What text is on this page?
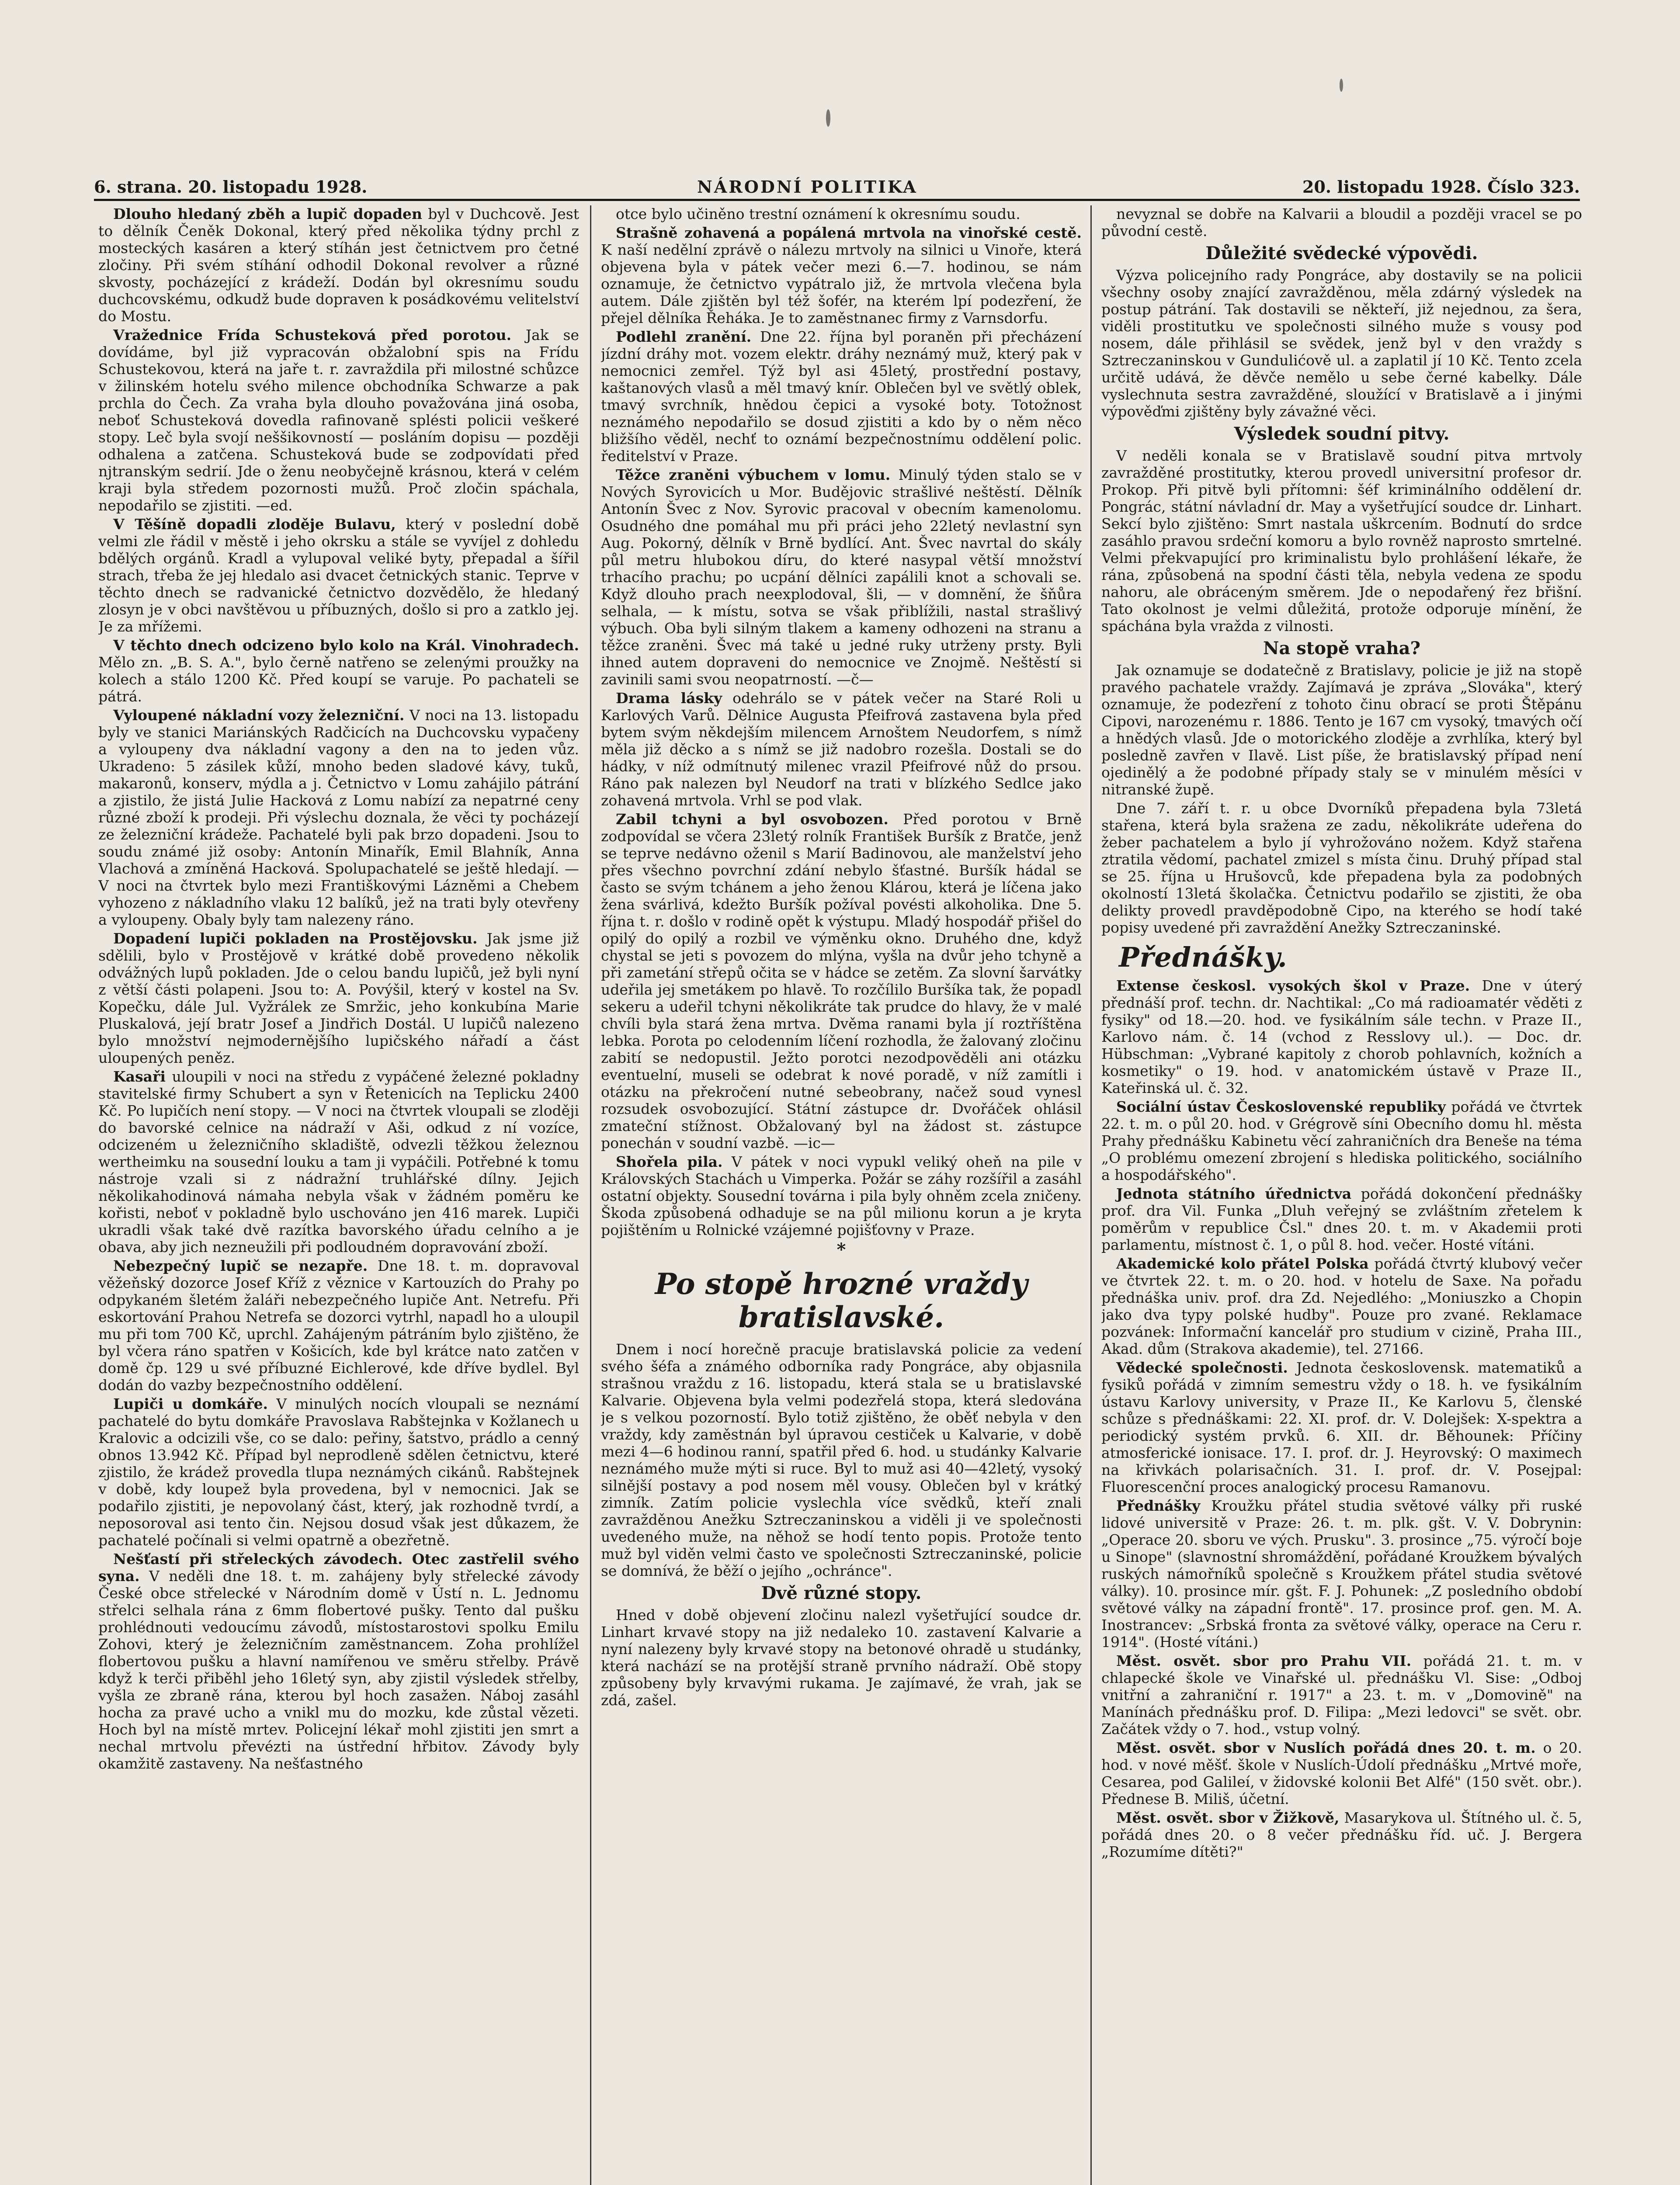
6. strana. 20. listopadu 1928.	NÁRODNÍ POLITIKA	20. listopadu 1928. Číslo 323.

Dlouho hledaný zběh a lupič dopaden byl v Duchcově. Jest to dělník Čeněk Dokonal, který před několika týdny prchl z mosteckých kasáren a který stíhán jest četnictvem pro četné zločiny. Při svém stíhání odhodil Dokonal revolver a různé skvosty, pocházející z krádeží. Dodán byl okresnímu soudu duchcovskému, odkudž bude dopraven k posádkovému velitelství do Mostu.

Vražednice Frída Schusteková před porotou. Jak se dovídáme, byl již vypracován obžalobní spis na Frídu Schustekovou, která na jaře t. r. zavraždila při milostné schůzce v žilinském hotelu svého milence obchodníka Schwarze a pak prchla do Čech. Za vraha byla dlouho považována jiná osoba, neboť Schusteková dovedla rafinovaně splésti policii veškeré stopy. Leč byla svojí neššikovností — posláním dopisu — později odhalena a zatčena. Schusteková bude se zodpovídati před njtranským sedrií. Jde o ženu neobyčejně krásnou, která v celém kraji byla středem pozornosti mužů. Proč zločin spáchala, nepodařilo se zjistiti. —ed.

V Těšíně dopadli zloděje Bulavu, který v poslední době velmi zle řádil v městě i jeho okrsku a stále se vyvíjel z dohledu bdělých orgánů. Kradl a vylupoval veliké byty, přepadal a šířil strach, třeba že jej hledalo asi dvacet četnických stanic. Teprve v těchto dnech se radvanické četnictvo dozvědělo, že hledaný zlosyn je v obci navštěvou u příbuzných, došlo si pro a zatklo jej. Je za mřížemi.

V těchto dnech odcizeno bylo kolo na Král. Vinohradech. Mělo zn. „B. S. A.", bylo černě natřeno se zelenými proužky na kolech a stálo 1200 Kč. Před koupí se varuje. Po pachateli se pátrá.

Vyloupené nákladní vozy železniční. V noci na 13. listopadu byly ve stanici Mariánských Radčicích na Duchcovsku vypačeny a vyloupeny dva nákladní vagony a den na to jeden vůz. Ukradeno: 5 zásilek kůží, mnoho beden sladové kávy, tuků, makaronů, konserv, mýdla a j. Četnictvo v Lomu zahájilo pátrání a zjistilo, že jistá Julie Hacková z Lomu nabízí za nepatrné ceny různé zboží k prodeji. Při výslechu doznala, že věci ty pocházejí ze železniční krádeže. Pachatelé byli pak brzo dopadeni. Jsou to soudu známé již osoby: Antonín Minařík, Emil Blahník, Anna Vlachová a zmíněná Hacková. Spolupachatelé se ještě hledají. — V noci na čtvrtek bylo mezi Františkovými Lázněmi a Chebem vyhozeno z nákladního vlaku 12 balíků, jež na trati byly otevřeny a vyloupeny. Obaly byly tam nalezeny ráno.

Dopadení lupiči pokladen na Prostějovsku. Jak jsme již sdělili, bylo v Prostějově v krátké době provedeno několik odvážných lupů pokladen. Jde o celou bandu lupičů, jež byli nyní z větší části polapeni. Jsou to: A. Povýšil, který v kostel na Sv. Kopečku, dále Jul. Vyžrálek ze Smržic, jeho konkubína Marie Pluskalová, její bratr Josef a Jindřich Dostál. U lupičů nalezeno bylo množství nejmodernějšího lupičského nářadí a část uloupených peněz.

Kasaři uloupili v noci na středu z vypáčené železné pokladny stavitelské firmy Schubert a syn v Řetenicích na Teplicku 2400 Kč. Po lupičích není stopy. — V noci na čtvrtek vloupali se zloději do bavorské celnice na nádraží v Aši, odkud z ní vozíce, odcizeném u železničního skladiště, odvezli těžkou železnou wertheimku na sousední louku a tam ji vypáčili. Potřebné k tomu nástroje vzali si z nádražní truhlářské dílny. Jejich několikahodinová námaha nebyla však v žádném poměru ke kořisti, neboť v pokladně bylo uschováno jen 416 marek. Lupiči ukradli však také dvě razítka bavorského úřadu celního a je obava, aby jich nezneužili při podloudném dopravování zboží.

Nebezpečný lupič se nezapře. Dne 18. t. m. dopravoval věžeňský dozorce Josef Kříž z věznice v Kartouzích do Prahy po odpykaném šletém žaláři nebezpečného lupiče Ant. Netrefu. Při eskortování Prahou Netrefa se dozorci vytrhl, napadl ho a uloupil mu při tom 700 Kč, uprchl. Zahájeným pátráním bylo zjištěno, že byl včera ráno spatřen v Košicích, kde byl krátce nato zatčen v domě čp. 129 u své příbuzné Eichlerové, kde dříve bydlel. Byl dodán do vazby bezpečnostního oddělení.

Lupiči u domkáře. V minulých nocích vloupali se neznámí pachatelé do bytu domkáře Pravoslava Rabštejnka v Kožlanech u Kralovic a odcizili vše, co se dalo: peřiny, šatstvo, prádlo a cenný obnos 13.942 Kč. Případ byl neprodleně sdělen četnictvu, které zjistilo, že krádež provedla tlupa neznámých cikánů. Rabštejnek v době, kdy loupež byla provedena, byl v nemocnici. Jak se podařilo zjistiti, je nepovolaný část, který, jak rozhodně tvrdí, a neposoroval asi tento čin. Nejsou dosud však jest důkazem, že pachatelé počínali si velmi opatrně a obezřetně.

Nešťastí při střeleckých závodech. Otec zastřelil svého syna. V neděli dne 18. t. m. zahájeny byly střelecké závody České obce střelecké v Národním domě v Ústí n. L. Jednomu střelci selhala rána z 6mm flobertové pušky. Tento dal pušku prohlédnouti vedoucímu závodů, místostarostovi spolku Emilu Zohovi, který je železničním zaměstnancem. Zoha prohlížel flobertovou pušku a hlavní namířenou ve směru střelby. Právě když k terči přiběhl jeho 16letý syn, aby zjistil výsledek střelby, vyšla ze zbraně rána, kterou byl hoch zasažen. Náboj zasáhl hocha za pravé ucho a vnikl mu do mozku, kde zůstal vězeti. Hoch byl na místě mrtev. Policejní lékař mohl zjistiti jen smrt a nechal mrtvolu převézti na ústřední hřbitov. Závody byly okamžitě zastaveny. Na nešťastného

otce bylo učiněno trestní oznámení k okresnímu soudu.

Strašně zohavená a popálená mrtvola na vinořské cestě. K naší nedělní zprávě o nálezu mrtvoly na silnici u Vinoře, která objevena byla v pátek večer mezi 6.—7. hodinou, se nám oznamuje, že četnictvo vypátralo již, že mrtvola vlečena byla autem. Dále zjištěn byl též šofér, na kterém lpí podezření, že přejel dělníka Řeháka. Je to zaměstnanec firmy z Varnsdorfu.

Podlehl zranění. Dne 22. října byl poraněn při přecházení jízdní dráhy mot. vozem elektr. dráhy neznámý muž, který pak v nemocnici zemřel. Týž byl asi 45letý, prostřední postavy, kaštanových vlasů a měl tmavý knír. Oblečen byl ve světlý oblek, tmavý svrchník, hnědou čepici a vysoké boty. Totožnost neznámého nepodařilo se dosud zjistiti a kdo by o něm něco bližšího věděl, nechť to oznámí bezpečnostnímu oddělení polic. ředitelství v Praze.

Těžce zraněni výbuchem v lomu. Minulý týden stalo se v Nových Syrovicích u Mor. Budějovic strašlivé neštěstí. Dělník Antonín Švec z Nov. Syrovic pracoval v obecním kamenolomu. Osudného dne pomáhal mu při práci jeho 22letý nevlastní syn Aug. Pokorný, dělník v Brně bydlící. Ant. Švec navrtal do skály půl metru hlubokou díru, do které nasypal větší množství trhacího prachu; po ucpání dělníci zapálili knot a schovali se. Když dlouho prach neexplodoval, šli, — v domnění, že šňůra selhala, — k místu, sotva se však přiblížili, nastal strašlivý výbuch. Oba byli silným tlakem a kameny odhozeni na stranu a těžce zraněni. Švec má také u jedné ruky utrženy prsty. Byli ihned autem dopraveni do nemocnice ve Znojmě. Neštěstí si zavinili sami svou neopatrností. —č—

Drama lásky odehrálo se v pátek večer na Staré Roli u Karlových Varů. Dělnice Augusta Pfeifrová zastavena byla před bytem svým někdejším milencem Arnoštem Neudorfem, s nímž měla již děcko a s nímž se již nadobro rozešla. Dostali se do hádky, v níž odmítnutý milenec vrazil Pfeifrové nůž do prsou. Ráno pak nalezen byl Neudorf na trati v blízkého Sedlce jako zohavená mrtvola. Vrhl se pod vlak.

Zabil tchyni a byl osvobozen. Před porotou v Brně zodpovídal se včera 23letý rolník František Buršík z Bratče, jenž se teprve nedávno oženil s Marií Badinovou, ale manželství jeho přes všechno povrchní zdání nebylo šťastné. Buršík hádal se často se svým tchánem a jeho ženou Klárou, která je líčena jako žena svárlivá, kdežto Buršík požíval povésti alkoholika. Dne 5. října t. r. došlo v rodině opět k výstupu. Mladý hospodář přišel do opilý do opilý a rozbil ve výměnku okno. Druhého dne, když chystal se jeti s povozem do mlýna, vyšla na dvůr jeho tchyně a při zametání střepů očita se v hádce se zetěm. Za slovní šarvátky udeřila jej smetákem po hlavě. To rozčílilo Buršíka tak, že popadl sekeru a udeřil tchyni několikráte tak prudce do hlavy, že v malé chvíli byla stará žena mrtva. Dvěma ranami byla jí roztříštěna lebka. Porota po celodenním líčení rozhodla, že žalovaný zločinu zabití se nedopustil. Ježto porotci nezodpověděli ani otázku eventuelní, museli se odebrat k nové poradě, v níž zamítli i otázku na překročení nutné sebeobrany, načež soud vynesl rozsudek osvobozující. Státní zástupce dr. Dvořáček ohlásil zmateční stížnost. Obžalovaný byl na žádost st. zástupce ponechán v soudní vazbě. —ic—

Shořela pila. V pátek v noci vypukl veliký oheň na pile v Královských Stachách u Vimperka. Požár se záhy rozšířil a zasáhl ostatní objekty. Sousední továrna i pila byly ohněm zcela zničeny. Škoda způsobená odhaduje se na půl milionu korun a je kryta pojištěním u Rolnické vzájemné pojišťovny v Praze.

*
Po stopě hrozné vraždy bratislavské.

Dnem i nocí horečně pracuje bratislavská policie za vedení svého šéfa a známého odborníka rady Pongráce, aby objasnila strašnou vraždu z 16. listopadu, která stala se u bratislavské Kalvarie. Objevena byla velmi podezřelá stopa, která sledována je s velkou pozorností. Bylo totiž zjištěno, že oběť nebyla v den vraždy, kdy zaměstnán byl úpravou cestiček u Kalvarie, v době mezi 4—6 hodinou ranní, spatřil před 6. hod. u studánky Kalvarie neznámého muže mýti si ruce. Byl to muž asi 40—42letý, vysoký silnější postavy a pod nosem měl vousy. Oblečen byl v krátký zimník. Zatím policie vyslechla více svědků, kteří znali zavražděnou Anežku Sztreczaninskou a viděli ji ve společnosti uvedeného muže, na něhož se hodí tento popis. Protože tento muž byl viděn velmi často ve společnosti Sztreczaninské, policie se domnívá, že běží o jejího „ochránce".

Dvě různé stopy.

Hned v době objevení zločinu nalezl vyšetřující soudce dr. Linhart krvavé stopy na již nedaleko 10. zastavení Kalvarie a nyní nalezeny byly krvavé stopy na betonové ohradě u studánky, která nachází se na protější straně prvního nádraží. Obě stopy způsobeny byly krvavými rukama. Je zajímavé, že vrah, jak se zdá, zašel.

nevyznal se dobře na Kalvarii a bloudil a později vracel se po původní cestě.

Důležité svědecké výpovědi.

Výzva policejního rady Pongráce, aby dostavily se na policii všechny osoby znající zavražděnou, měla zdárný výsledek na postup pátrání. Tak dostavili se někteří, již nejednou, za šera, viděli prostitutku ve společnosti silného muže s vousy pod nosem, dále přihlásil se svědek, jenž byl v den vraždy s Sztreczaninskou v Gundulićově ul. a zaplatil jí 10 Kč. Tento zcela určitě udává, že děvče nemělo u sebe černé kabelky. Dále vyslechnuta sestra zavražděné, sloužící v Bratislavě a i jinými výpověďmi zjištěny byly závažné věci.

Výsledek soudní pitvy.

V neděli konala se v Bratislavě soudní pitva mrtvoly zavražděné prostitutky, kterou provedl universitní profesor dr. Prokop. Při pitvě byli přítomni: šéf kriminálního oddělení dr. Pongrác, státní návladní dr. May a vyšetřující soudce dr. Linhart. Sekcí bylo zjištěno: Smrt nastala uškrcením. Bodnutí do srdce zasáhlo pravou srdeční komoru a bylo rovněž naprosto smrtelné. Velmi překvapující pro kriminalistu bylo prohlášení lékaře, že rána, způsobená na spodní části těla, nebyla vedena ze spodu nahoru, ale obráceným směrem. Jde o nepodařený řez břišní. Tato okolnost je velmi důležitá, protože odporuje mínění, že spáchána byla vražda z vilnosti.

Na stopě vraha?

Jak oznamuje se dodatečně z Bratislavy, policie je již na stopě pravého pachatele vraždy. Zajímavá je zpráva „Slováka", který oznamuje, že podezření z tohoto činu obrací se proti Štěpánu Cipovi, narozenému r. 1886. Tento je 167 cm vysoký, tmavých očí a hnědých vlasů. Jde o motorického zloděje a zvrhlíka, který byl posledně zavřen v Ilavě. List píše, že bratislavský případ není ojedinělý a že podobné případy staly se v minulém měsíci v nitranské župě.

Dne 7. září t. r. u obce Dvorníků přepadena byla 73letá stařena, která byla sražena ze zadu, několikráte udeřena do žeber pachatelem a bylo jí vyhrožováno nožem. Když stařena ztratila vědomí, pachatel zmizel s místa činu. Druhý případ stal se 25. října u Hrušovců, kde přepadena byla za podobných okolností 13letá školačka. Četnictvu podařilo se zjistiti, že oba delikty provedl pravděpodobně Cipo, na kterého se hodí také popisy uvedené při zavraždění Anežky Sztreczaninské.

Přednášky.

Extense českosl. vysokých škol v Praze. Dne v úterý přednáší prof. techn. dr. Nachtikal: „Co má radioamatér věděti z fysiky" od 18.—20. hod. ve fysikálním sále techn. v Praze II., Karlovo nám. č. 14 (vchod z Resslovy ul.). — Doc. dr. Hübschman: „Vybrané kapitoly z chorob pohlavních, kožních a kosmetiky" o 19. hod. v anatomickém ústavě v Praze II., Kateřinská ul. č. 32.

Sociální ústav Československé republiky pořádá ve čtvrtek 22. t. m. o půl 20. hod. v Grégrově síni Obecního domu hl. města Prahy přednášku Kabinetu věcí zahraničních dra Beneše na téma „O problému omezení zbrojení s hlediska politického, sociálního a hospodářského".

Jednota státního úřednictva pořádá dokončení přednášky prof. dra Vil. Funka „Dluh veřejný se zvláštním zřetelem k poměrům v republice Čsl." dnes 20. t. m. v Akademii proti parlamentu, místnost č. 1, o půl 8. hod. večer. Hosté vítáni.

Akademické kolo přátel Polska pořádá čtvrtý klubový večer ve čtvrtek 22. t. m. o 20. hod. v hotelu de Saxe. Na pořadu přednáška univ. prof. dra Zd. Nejedlého: „Moniuszko a Chopin jako dva typy polské hudby". Pouze pro zvané. Reklamace pozvánek: Informační kancelář pro studium v cizině, Praha III., Akad. dům (Strakova akademie), tel. 27166.

Vědecké společnosti. Jednota československ. matematiků a fysiků pořádá v zimním semestru vždy o 18. h. ve fysikálním ústavu Karlovy university, v Praze II., Ke Karlovu 5, členské schůze s přednáškami: 22. XI. prof. dr. V. Dolejšek: X-spektra a periodický systém prvků. 6. XII. dr. Běhounek: Příčiny atmosferické ionisace. 17. I. prof. dr. J. Heyrovský: O maximech na křivkách polarisačních. 31. I. prof. dr. V. Posejpal: Fluorescenční proces analogický procesu Ramanovu.

Přednášky Kroužku přátel studia světové války při ruské lidové universitě v Praze: 26. t. m. plk. gšt. V. V. Dobrynin: „Operace 20. sboru ve vých. Prusku". 3. prosince „75. výročí boje u Sinope" (slavnostní shromáždění, pořádané Kroužkem bývalých ruských námořníků společně s Kroužkem přátel studia světové války). 10. prosince mír. gšt. F. J. Pohunek: „Z posledního období světové války na západní frontě". 17. prosince prof. gen. M. A. Inostrancev: „Srbská fronta za světové války, operace na Ceru r. 1914". (Hosté vítáni.)

Měst. osvět. sbor pro Prahu VII. pořádá 21. t. m. v chlapecké škole ve Vinařské ul. přednášku Vl. Sise: „Odboj vnitřní a zahraniční r. 1917" a 23. t. m. v „Domovině" na Manínách přednášku prof. D. Filipa: „Mezi ledovci" se svět. obr. Začátek vždy o 7. hod., vstup volný.

Měst. osvět. sbor v Nuslích pořádá dnes 20. t. m. o 20. hod. v nové měšť. škole v Nuslích-Údolí přednášku „Mrtvé moře, Cesarea, pod Galileí, v židovské kolonii Bet Alfé" (150 svět. obr.). Přednese B. Miliš, účetní.

Měst. osvět. sbor v Žižkově, Masarykova ul. Štítného ul. č. 5, pořádá dnes 20. o 8 večer přednášku říd. uč. J. Bergera „Rozumíme dítěti?"
